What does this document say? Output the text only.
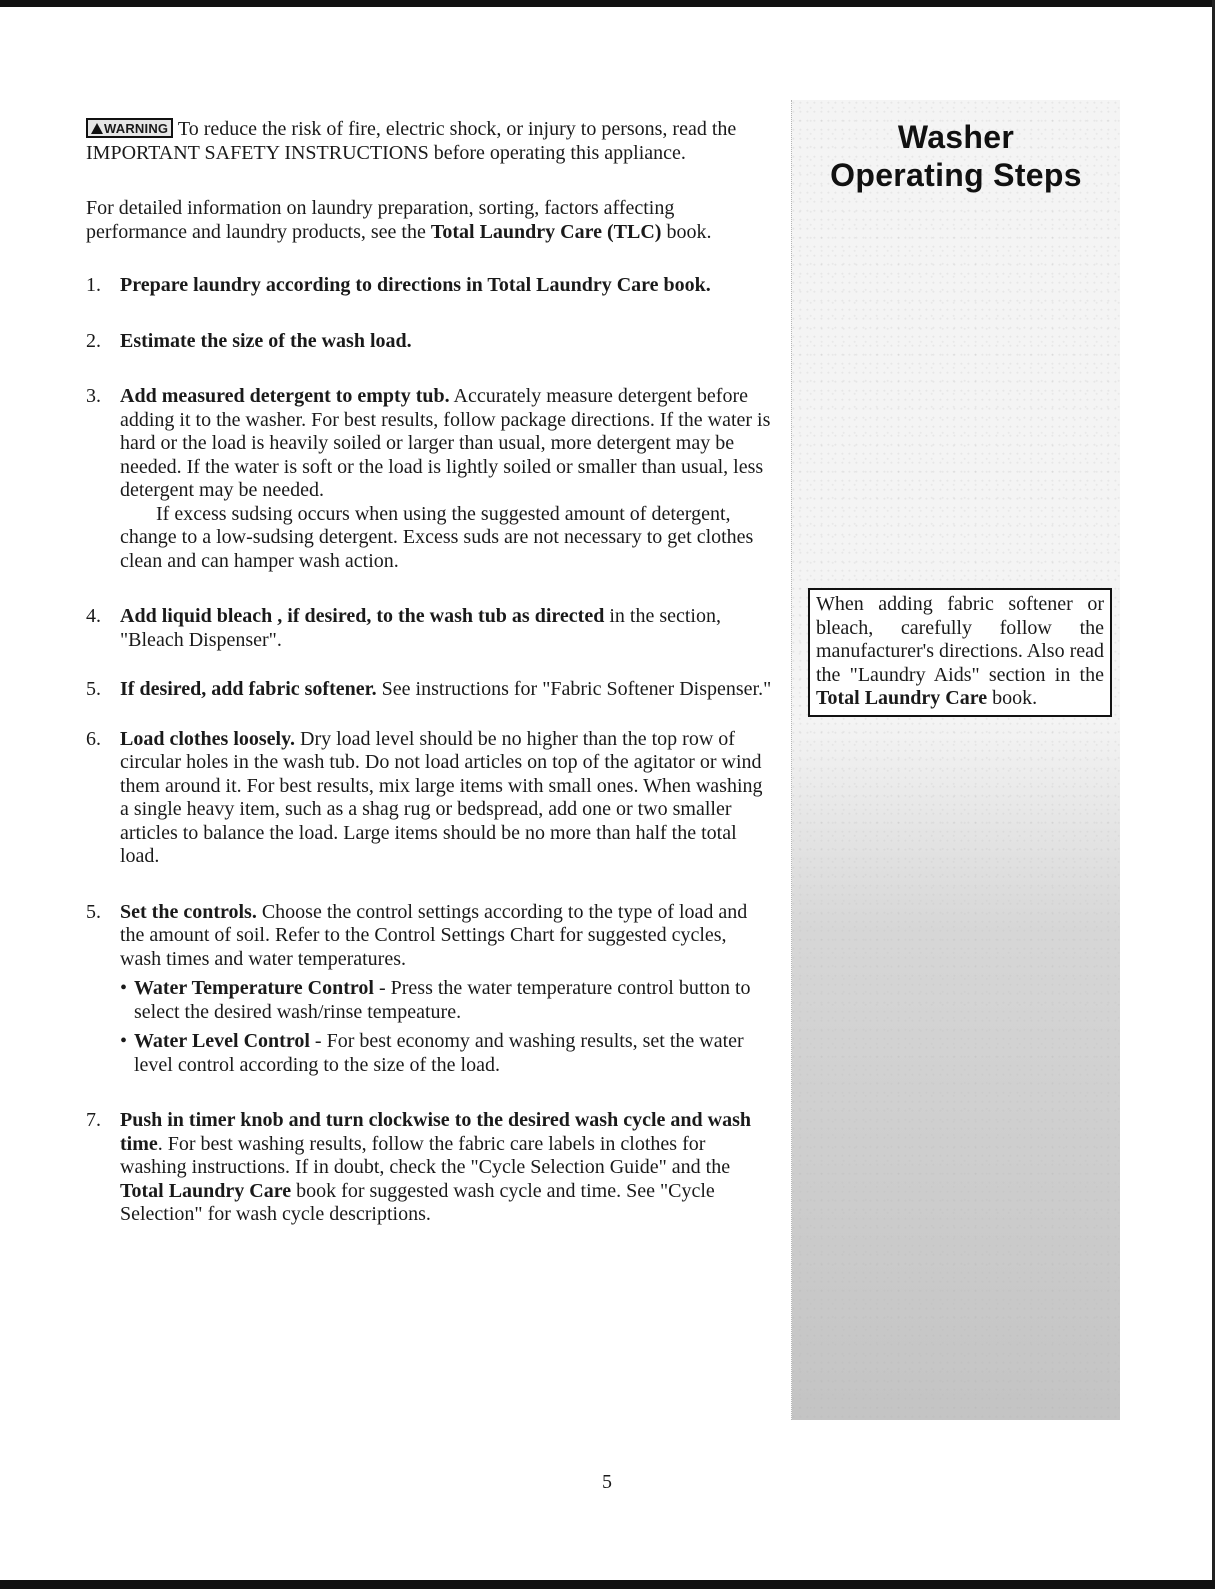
Washer
Operating Steps
When adding fabric softener or bleach, carefully follow the manufacturer's directions. Also read the "Laundry Aids" section in the Total Laundry Care book.

WARNING To reduce the risk of fire, electric shock, or injury to persons, read the IMPORTANT SAFETY INSTRUCTIONS before operating this appliance.

For detailed information on laundry preparation, sorting, factors affecting performance and laundry products, see the Total Laundry Care (TLC) book.

1. Prepare laundry according to directions in Total Laundry Care book.

2. Estimate the size of the wash load.

3. Add measured detergent to empty tub. Accurately measure detergent before adding it to the washer. For best results, follow package directions. If the water is hard or the load is heavily soiled or larger than usual, more detergent may be needed. If the water is soft or the load is lightly soiled or smaller than usual, less detergent may be needed.

If excess sudsing occurs when using the suggested amount of detergent, change to a low-sudsing detergent. Excess suds are not necessary to get clothes clean and can hamper wash action.

4. Add liquid bleach , if desired, to the wash tub as directed in the section, "Bleach Dispenser".

5. If desired, add fabric softener. See instructions for "Fabric Softener Dispenser."

6. Load clothes loosely. Dry load level should be no higher than the top row of circular holes in the wash tub. Do not load articles on top of the agitator or wind them around it. For best results, mix large items with small ones. When washing a single heavy item, such as a shag rug or bedspread, add one or two smaller articles to balance the load. Large items should be no more than half the total load.

5. Set the controls. Choose the control settings according to the type of load and the amount of soil. Refer to the Control Settings Chart for suggested cycles, wash times and water temperatures.

• Water Temperature Control - Press the water temperature control button to select the desired wash/rinse tempeature.
• Water Level Control - For best economy and washing results, set the water level control according to the size of the load.
7. Push in timer knob and turn clockwise to the desired wash cycle and wash time. For best washing results, follow the fabric care labels in clothes for washing instructions. If in doubt, check the "Cycle Selection Guide" and the Total Laundry Care book for suggested wash cycle and time. See "Cycle Selection" for wash cycle descriptions.

5
